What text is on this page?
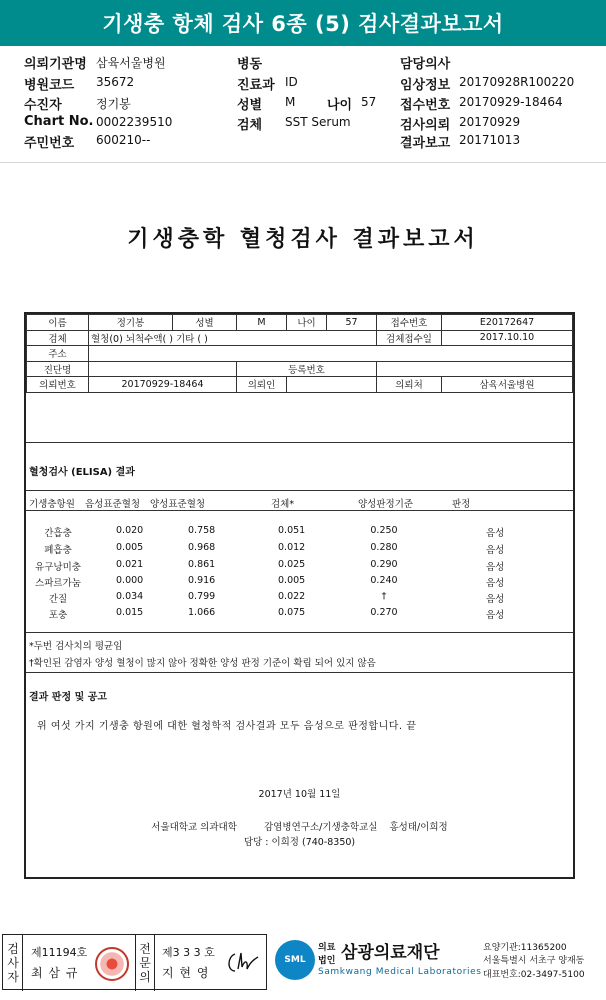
기생충 항체 검사 6종 (5) 검사결과보고서
의뢰기관명 삼육서울병원
병원코드 35672
수진자	정기봉
Chart No. 0002239510
주민번호 600210--
병동
진료과 ID
성별 M 나이 57
검체 SST Serum
담당의사
임상정보 20170928R100220
접수번호 20170929-18464
검사의뢰 20170929
결과보고 20171013
기생충학 혈청검사 결과보고서
이름	정기봉	성별	M	나이	57	접수번호	E20172647
검체	혈청(0) 뇌척수액( ) 기타 ( )					검체접수일	2017.10.10
주소							
진단명			등록번호				
의뢰번호	20170929-18464		의뢰인			의뢰처	삼육서울병원
혈청검사 (ELISA) 결과
기생충항원 음성표준혈청 양성표준혈청	검체*	양성판정기준	판정
간흡충	0.020	0.758	0.051	0.250	음성
폐흡충	0.005	0.968	0.012	0.280	음성
유구낭미충	0.021	0.861	0.025	0.290	음성
스파르가눔	0.000	0.916	0.005	0.240	음성
간질	0.034	0.799	0.022	†	음성
포충	0.015	1.066	0.075	0.270	음성
*두번 검사치의 평균임
†확인된 감염자 양성 혈청이 많지 않아 정확한 양성 판정 기준이 확립 되어 있지 않음
결과 판정 및 공고
위 여섯 가지 기생충 항원에 대한 혈청학적 검사결과 모두 음성으로 판정합니다. 끝
2017년 10월 11일
서울대학교 의과대학         감염병연구소/기생충학교실    홍성태/이희정
담당 : 이희정 (740-8350)
검사자
제11194호
최 삼 규
전문의
제3 3 3 호
지 현 영
SML
의료
법인 삼광의료재단
Samkwang Medical Laboratories
요양기관:11365200
서울특별시 서초구 양재동
대표번호:02-3497-5100
